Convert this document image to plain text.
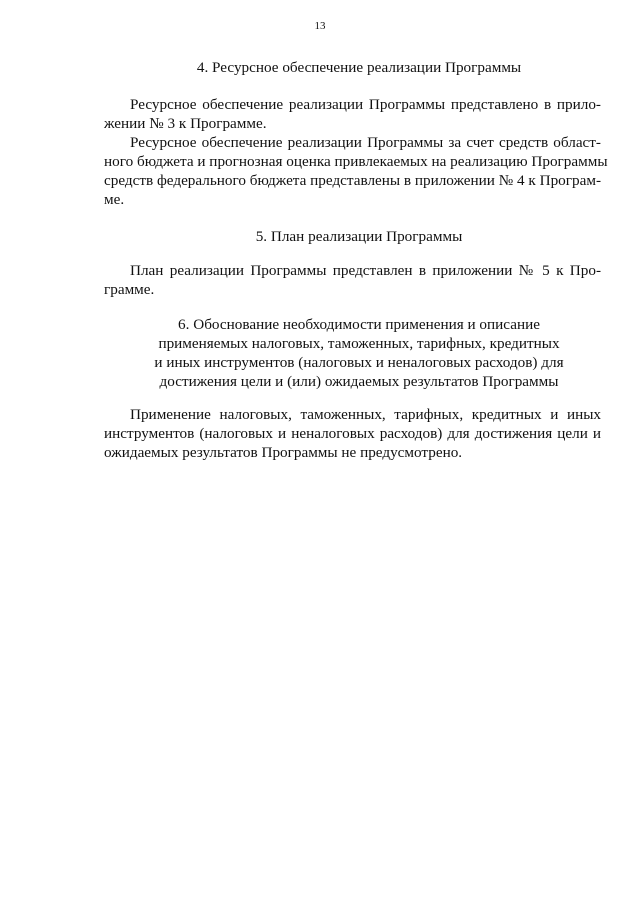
13

4. Ресурсное обеспечение реализации Программы

Ресурсное обеспечение реализации Программы представлено в прило-
жении № 3 к Программе.

Ресурсное обеспечение реализации Программы за счет средств област-
ного бюджета и прогнозная оценка привлекаемых на реализацию Программы
средств федерального бюджета представлены в приложении № 4 к Програм-
ме.

5. План реализации Программы

План реализации Программы представлен в приложении № 5 к Про-
грамме.

6. Обоснование необходимости применения и описание
применяемых налоговых, таможенных, тарифных, кредитных
и иных инструментов (налоговых и неналоговых расходов) для
достижения цели и (или) ожидаемых результатов Программы

Применение налоговых, таможенных, тарифных, кредитных и иных
инструментов (налоговых и неналоговых расходов) для достижения цели и
ожидаемых результатов Программы не предусмотрено.
